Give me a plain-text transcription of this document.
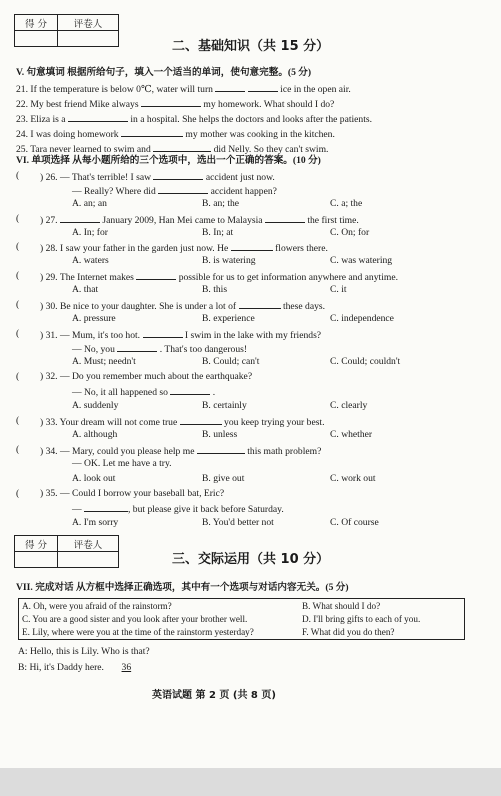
得 分	评卷人

二、基础知识（共 15 分）
V. 句意填词 根据所给句子，填入一个适当的单词，使句意完整。(5 分)
21. If the temperature is below 0℃, water will turn	ice in the open air.
22. My best friend Mike always	my homework. What should I do?
23. Eliza is a	in a hospital. She helps the doctors and looks after the patients.
24. I was doing homework	my mother was cooking in the kitchen.
25. Tara never learned to swim and	did Nelly. So they can't swim.
VI. 单项选择 从每小题所给的三个选项中，选出一个正确的答案。(10 分)
( ) 26. — That's terrible! I saw	accident just now.
— Really? Where did	accident happen?
A. an; an	B. an; the	C. a; the
( ) 27.	January 2009, Han Mei came to Malaysia	the first time.
A. In; for	B. In; at	C. On; for
( ) 28. I saw your father in the garden just now. He	flowers there.
A. waters	B. is watering	C. was watering
( ) 29. The Internet makes	possible for us to get information anywhere and anytime.
A. that	B. this	C. it
( ) 30. Be nice to your daughter. She is under a lot of	these days.
A. pressure	B. experience	C. independence
( ) 31. — Mum, it's too hot.	I swim in the lake with my friends?
— No, you	. That's too dangerous!
A. Must; needn't	B. Could; can't	C. Could; couldn't
( ) 32. — Do you remember much about the earthquake?
— No, it all happened so	.
A. suddenly	B. certainly	C. clearly
( ) 33. Your dream will not come true	you keep trying your best.
A. although	B. unless	C. whether
( ) 34. — Mary, could you please help me	this math problem?
— OK. Let me have a try.
A. look out	B. give out	C. work out
( ) 35. — Could I borrow your baseball bat, Eric?
—	, but please give it back before Saturday.
A. I'm sorry	B. You'd better not	C. Of course
得 分	评卷人

三、交际运用（共 10 分）
VII. 完成对话 从方框中选择正确选项，其中有一个选项与对话内容无关。(5 分)
A. Oh, were you afraid of the rainstorm?	B. What should I do?
C. You are a good sister and you look after your brother well.	D. I'll bring gifts to each of you.
E. Lily, where were you at the time of the rainstorm yesterday?	F. What did you do then?
A: Hello, this is Lily. Who is that?
B: Hi, it's Daddy here. 36
英语试题 第 2 页 (共 8 页)
